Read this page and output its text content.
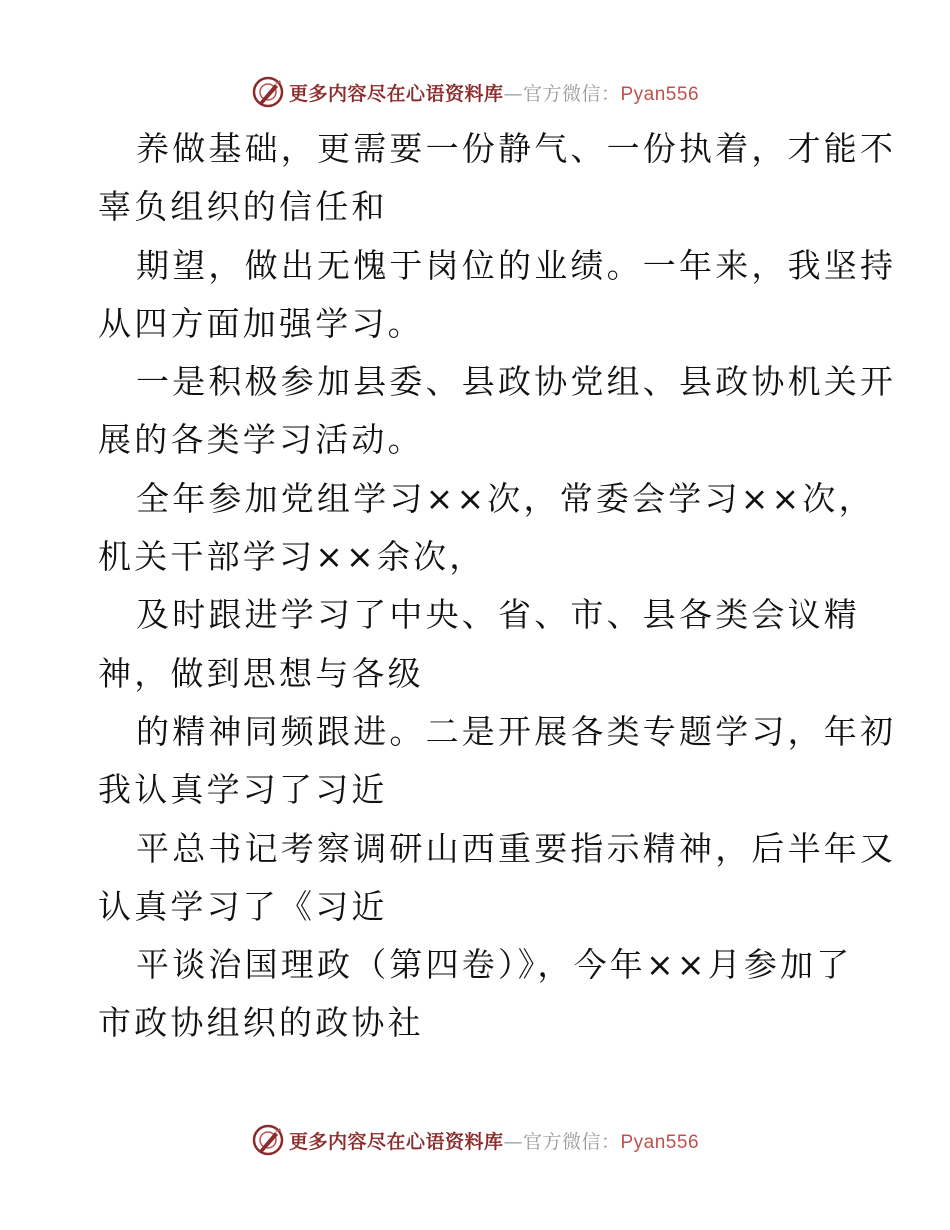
更多内容尽在心语资料库—官方微信：Pyan556
养做基础，更需要一份静气、一份执着，才能不
辜负组织的信任和
期望，做出无愧于岗位的业绩。一年来，我坚持
从四方面加强学习。
一是积极参加县委、县政协党组、县政协机关开
展的各类学习活动。
全年参加党组学习××次，常委会学习××次，
机关干部学习××余次，
及时跟进学习了中央、省、市、县各类会议精
神，做到思想与各级
的精神同频跟进。二是开展各类专题学习，年初
我认真学习了习近
平总书记考察调研山西重要指示精神，后半年又
认真学习了《习近
平谈治国理政（第四卷）》，今年××月参加了
市政协组织的政协社
更多内容尽在心语资料库—官方微信：Pyan556
